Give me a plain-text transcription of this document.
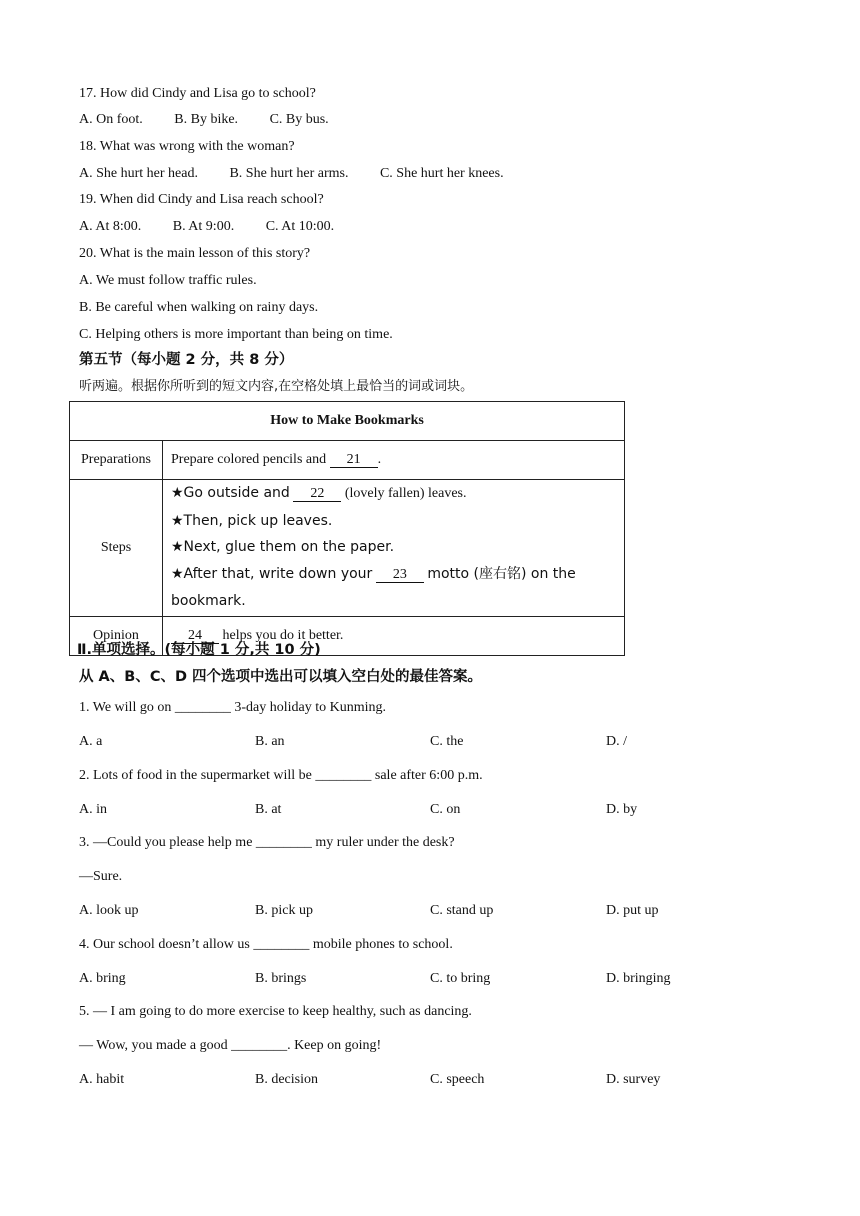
17. How did Cindy and Lisa go to school?
A. On foot. B. By bike. C. By bus.
18. What was wrong with the woman?
A. She hurt her head. B. She hurt her arms. C. She hurt her knees.
19. When did Cindy and Lisa reach school?
A. At 8:00. B. At 9:00. C. At 10:00.
20. What is the main lesson of this story?
A. We must follow traffic rules.
B. Be careful when walking on rainy days.
C. Helping others is more important than being on time.
第五节（每小题 2 分，共 8 分）
听两遍。根据你所听到的短文内容,在空格处填上最恰当的词或词块。
How to Make Bookmarks	
Preparations	Prepare colored pencils and 21 .
Steps	★Go outside and 22 (lovely fallen) leaves.
★Then, pick up leaves.
★Next, glue them on the paper.
★After that, write down your 23 motto (座右铭) on the bookmark.

Opinion	24 helps you do it better.
Ⅱ.单项选择。(每小题 1 分,共 10 分)
从 A、B、C、D 四个选项中选出可以填入空白处的最佳答案。
1. We will go on ________ 3-day holiday to Kunming.
A. a	B. an	C. the	D. /
2. Lots of food in the supermarket will be ________ sale after 6:00 p.m.
A. in	B. at	C. on	D. by
3. —Could you please help me ________ my ruler under the desk?
—Sure.
A. look up	B. pick up	C. stand up	D. put up
4. Our school doesn’t allow us ________ mobile phones to school.
A. bring	B. brings	C. to bring	D. bringing
5. — I am going to do more exercise to keep healthy, such as dancing.
— Wow, you made a good ________. Keep on going!
A. habit	B. decision	C. speech	D. survey
